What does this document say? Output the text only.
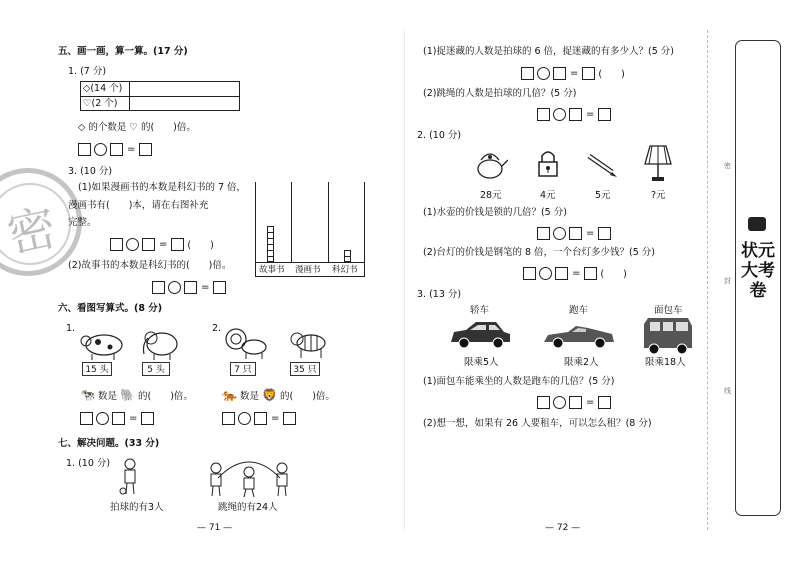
密
五、画一画，算一算。(17 分)
1. (7 分)
◇(14 个)
♡(2 个)
◇ 的个数是 ♡ 的(　　)倍。
=
3. (10 分)
(1)如果漫画书的本数是科幻书的 7 倍，
漫画书有(　　)本，请在右图补充
完整。
= (　　)
(2)故事书的本数是科幻书的(　　)倍。
=
故事书 漫画书 科幻书
六、看图写算式。(8 分)
1.
15 头	5 头
2.
7 只	35 只
🐄 数是 🐘 的(　　)倍。 🐅 数是 🦁 的(　　)倍。
=	=
七、解决问题。(33 分)
1. (10 分)
拍球的有3人	跳绳的有24人
— 71 —
(1)捉迷藏的人数是拍球的 6 倍，捉迷藏的有多少人？(5 分)
= (　　)
(2)跳绳的人数是拍球的几倍？(5 分)
=
2. (10 分)
28元	4元	5元	?元
(1)水壶的价钱是锁的几倍？(5 分)
=
(2)台灯的价钱是钢笔的 8 倍，一个台灯多少钱？(5 分)
= (　　)
3. (13 分)
轿车	跑车	面包车
限乘5人	限乘2人	限乘18人
(1)面包车能乘坐的人数是跑车的几倍？(5 分)
=
(2)想一想，如果有 26 人要租车，可以怎么租？(8 分)
— 72 —
密
封
线
状元大考卷
